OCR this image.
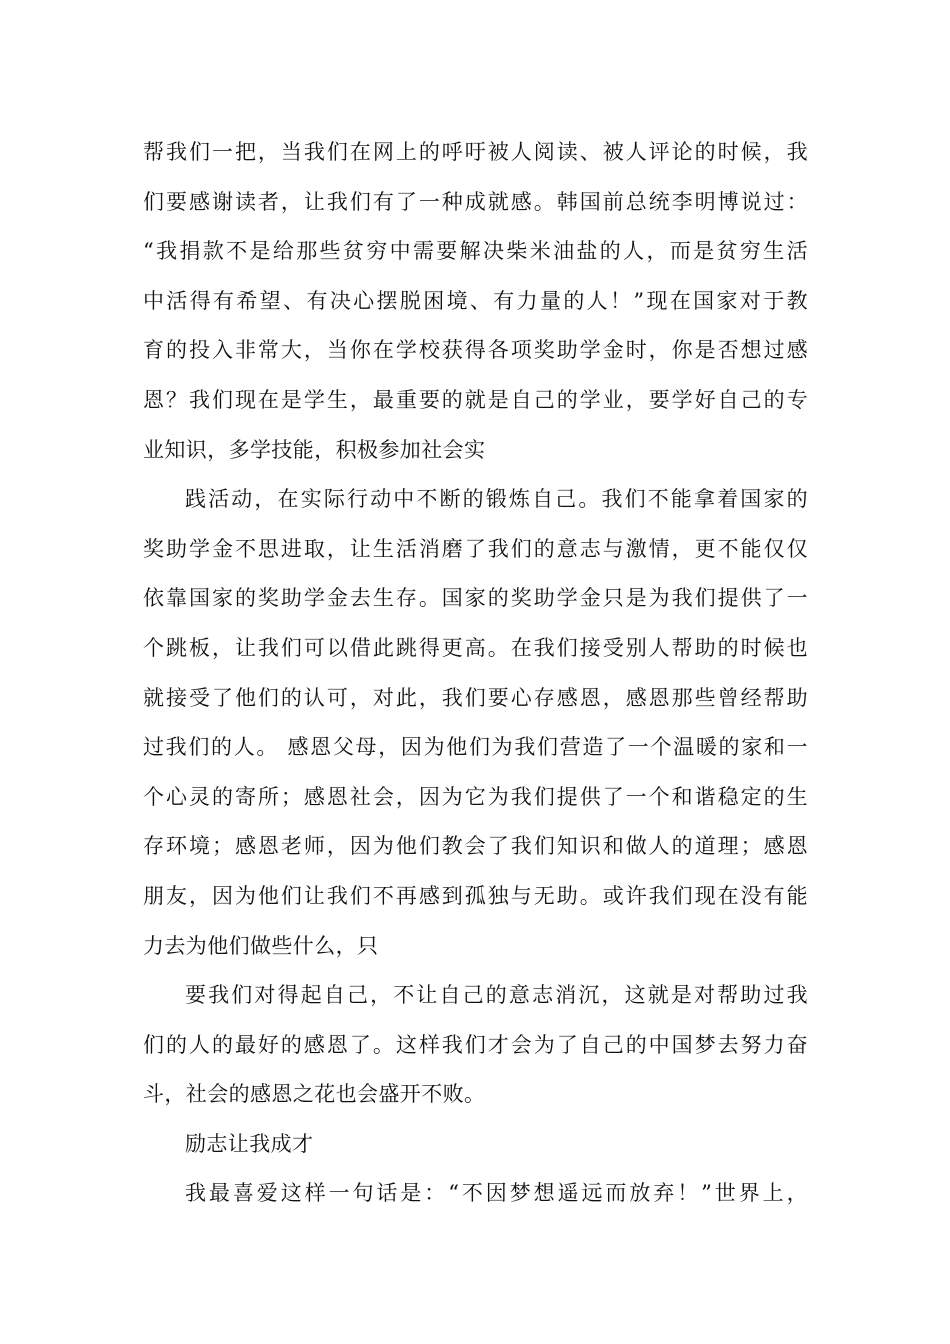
帮我们一把，当我们在网上的呼吁被人阅读、被人评论的时候，我
们要感谢读者，让我们有了一种成就感。韩国前总统李明博说过：
“我捐款不是给那些贫穷中需要解决柴米油盐的人，而是贫穷生活
中活得有希望、有决心摆脱困境、有力量的人！”现在国家对于教
育的投入非常大，当你在学校获得各项奖助学金时，你是否想过感
恩？我们现在是学生，最重要的就是自己的学业，要学好自己的专
业知识，多学技能，积极参加社会实
践活动，在实际行动中不断的锻炼自己。我们不能拿着国家的
奖助学金不思进取，让生活消磨了我们的意志与激情，更不能仅仅
依靠国家的奖助学金去生存。国家的奖助学金只是为我们提供了一
个跳板，让我们可以借此跳得更高。在我们接受别人帮助的时候也
就接受了他们的认可，对此，我们要心存感恩，感恩那些曾经帮助
过我们的人。 感恩父母，因为他们为我们营造了一个温暖的家和一
个心灵的寄所；感恩社会，因为它为我们提供了一个和谐稳定的生
存环境；感恩老师，因为他们教会了我们知识和做人的道理；感恩
朋友，因为他们让我们不再感到孤独与无助。或许我们现在没有能
力去为他们做些什么，只
要我们对得起自己，不让自己的意志消沉，这就是对帮助过我
们的人的最好的感恩了。这样我们才会为了自己的中国梦去努力奋
斗，社会的感恩之花也会盛开不败。
励志让我成才
我最喜爱这样一句话是：“不因梦想遥远而放弃！”世界上，
